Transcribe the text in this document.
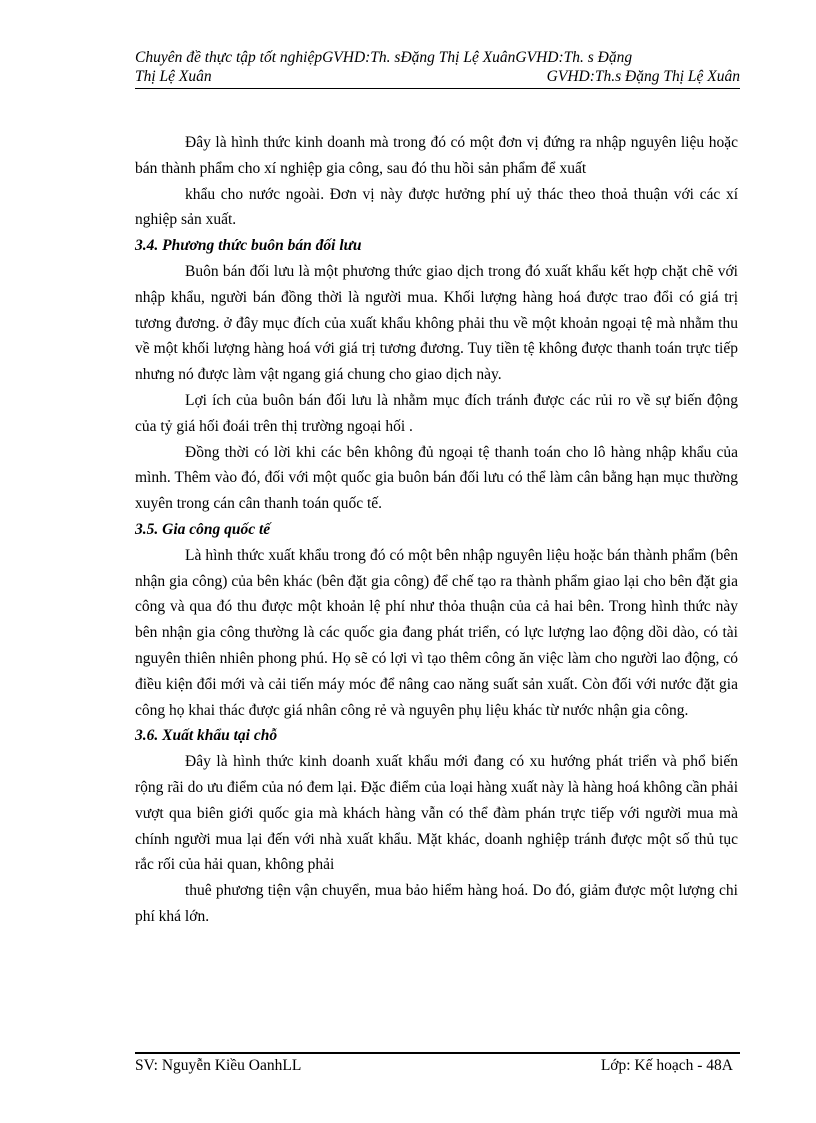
Chuyên đề thực tập tốt nghiệpGVHD:Th. sĐặng Thị Lệ XuânGVHD:Th. s Đặng
Thị Lệ Xuân	GVHD:Th.s Đặng Thị Lệ Xuân

Đây là hình thức kinh doanh mà trong đó có một đơn vị đứng ra nhập nguyên liệu hoặc bán thành phẩm cho xí nghiệp gia công, sau đó thu hồi sản phẩm để xuất

khẩu cho nước ngoài. Đơn vị này được hưởng phí uỷ thác theo thoả thuận với các xí nghiệp sản xuất.

3.4. Phương thức buôn bán đối lưu

Buôn bán đối lưu là một phương thức giao dịch trong đó xuất khẩu kết hợp chặt chẽ với nhập khẩu, người bán đồng thời là người mua. Khối lượng hàng hoá được trao đổi có giá trị tương đương. ở đây mục đích của xuất khẩu không phải thu về một khoản ngoại tệ mà nhằm thu về một khối lượng hàng hoá với giá trị tương đương. Tuy tiền tệ không được thanh toán trực tiếp nhưng nó được làm vật ngang giá chung cho giao dịch này.

Lợi ích của buôn bán đối lưu là nhằm mục đích tránh được các rủi ro về sự biến động của tỷ giá hối đoái trên thị trường ngoại hối .

Đồng thời có lời khi các bên không đủ ngoại tệ thanh toán cho lô hàng nhập khẩu của mình. Thêm vào đó, đối với một quốc gia buôn bán đối lưu có thể làm cân bằng hạn mục thường xuyên trong cán cân thanh toán quốc tế.

3.5. Gia công quốc tế

Là hình thức xuất khẩu trong đó có một bên nhập nguyên liệu hoặc bán thành phẩm (bên nhận gia công) của bên khác (bên đặt gia công) để chế tạo ra thành phẩm giao lại cho bên đặt gia công và qua đó thu được một khoản lệ phí như thỏa thuận của cả hai bên. Trong hình thức này bên nhận gia công thường là các quốc gia đang phát triển, có lực lượng lao động dồi dào, có tài nguyên thiên nhiên phong phú. Họ sẽ có lợi vì tạo thêm công ăn việc làm cho người lao động, có điều kiện đổi mới và cải tiến máy móc để nâng cao năng suất sản xuất. Còn đối với nước đặt gia công họ khai thác được giá nhân công rẻ và nguyên phụ liệu khác từ nước nhận gia công.

3.6. Xuất khẩu tại chỗ

Đây là hình thức kinh doanh xuất khẩu mới đang có xu hướng phát triển và phổ biến rộng rãi do ưu điểm của nó đem lại. Đặc điểm của loại hàng xuất này là hàng hoá không cần phải vượt qua biên giới quốc gia mà khách hàng vẫn có thể đàm phán trực tiếp với người mua mà chính người mua lại đến với nhà xuất khẩu. Mặt khác, doanh nghiệp tránh được một số thủ tục rắc rối của hải quan, không phải

thuê phương tiện vận chuyển, mua bảo hiểm hàng hoá. Do đó, giảm được một lượng chi phí khá lớn.

SV: Nguyễn Kiều OanhLL	Lớp: Kế hoạch - 48A
